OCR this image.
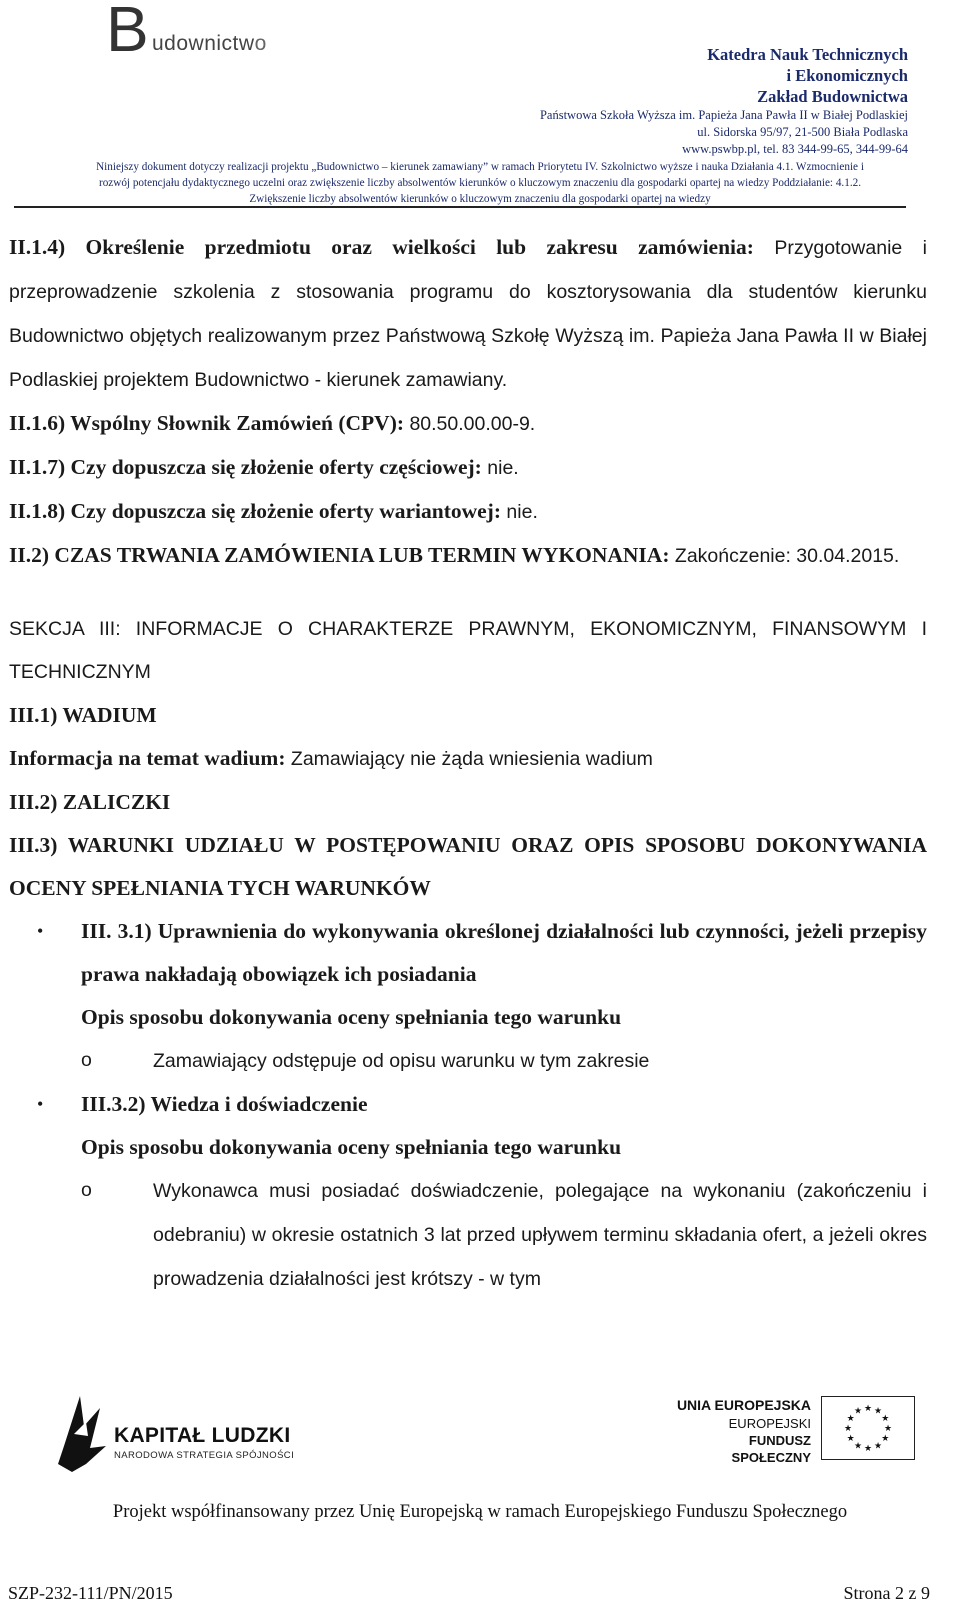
B udownictwo	Katedra Nauk Technicznych
i Ekonomicznych
Zakład Budownictwa
Państwowa Szkoła Wyższa im. Papieża Jana Pawła II w Białej Podlaskiej
ul. Sidorska 95/97, 21-500 Biała Podlaska
www.pswbp.pl, tel. 83 344-99-65, 344-99-64
Niniejszy dokument dotyczy realizacji projektu „Budownictwo – kierunek zamawiany” w ramach Priorytetu IV. Szkolnictwo wyższe i nauka Działania 4.1. Wzmocnienie i
rozwój potencjału dydaktycznego uczelni oraz zwiększenie liczby absolwentów kierunków o kluczowym znaczeniu dla gospodarki opartej na wiedzy Poddziałanie: 4.1.2.
Zwiększenie liczby absolwentów kierunków o kluczowym znaczeniu dla gospodarki opartej na wiedzy

II.1.4) Określenie przedmiotu oraz wielkości lub zakresu zamówienia: Przygotowanie i przeprowadzenie szkolenia z stosowania programu do kosztorysowania dla studentów kierunku Budownictwo objętych realizowanym przez Państwową Szkołę Wyższą im. Papieża Jana Pawła II w Białej Podlaskiej projektem Budownictwo - kierunek zamawiany.

II.1.6) Wspólny Słownik Zamówień (CPV): 80.50.00.00-9.

II.1.7) Czy dopuszcza się złożenie oferty częściowej: nie.

II.1.8) Czy dopuszcza się złożenie oferty wariantowej: nie.

II.2) CZAS TRWANIA ZAMÓWIENIA LUB TERMIN WYKONANIA: Zakończenie: 30.04.2015.

SEKCJA III: INFORMACJE O CHARAKTERZE PRAWNYM, EKONOMICZNYM, FINANSOWYM I TECHNICZNYM

III.1) WADIUM

Informacja na temat wadium: Zamawiający nie żąda wniesienia wadium

III.2) ZALICZKI

III.3) WARUNKI UDZIAŁU W POSTĘPOWANIU ORAZ OPIS SPOSOBU DOKONYWANIA OCENY SPEŁNIANIA TYCH WARUNKÓW

• III. 3.1) Uprawnienia do wykonywania określonej działalności lub czynności, jeżeli przepisy prawa nakładają obowiązek ich posiadania
Opis sposobu dokonywania oceny spełniania tego warunku
o	Zamawiający odstępuje od opisu warunku w tym zakresie
• III.3.2) Wiedza i doświadczenie
Opis sposobu dokonywania oceny spełniania tego warunku
o	Wykonawca musi posiadać doświadczenie, polegające na wykonaniu (zakończeniu i odebraniu) w okresie ostatnich 3 lat przed upływem terminu składania ofert, a jeżeli okres prowadzenia działalności jest krótszy - w tym
KAPITAŁ LUDZKI
NARODOWA STRATEGIA SPÓJNOŚCI
UNIA EUROPEJSKA
EUROPEJSKI
FUNDUSZ SPOŁECZNY
★
★
★
★
★
★
★
★
★ ★ ★
★
Projekt współfinansowany przez Unię Europejską w ramach Europejskiego Funduszu Społecznego
SZP-232-111/PN/2015	Strona 2 z 9
